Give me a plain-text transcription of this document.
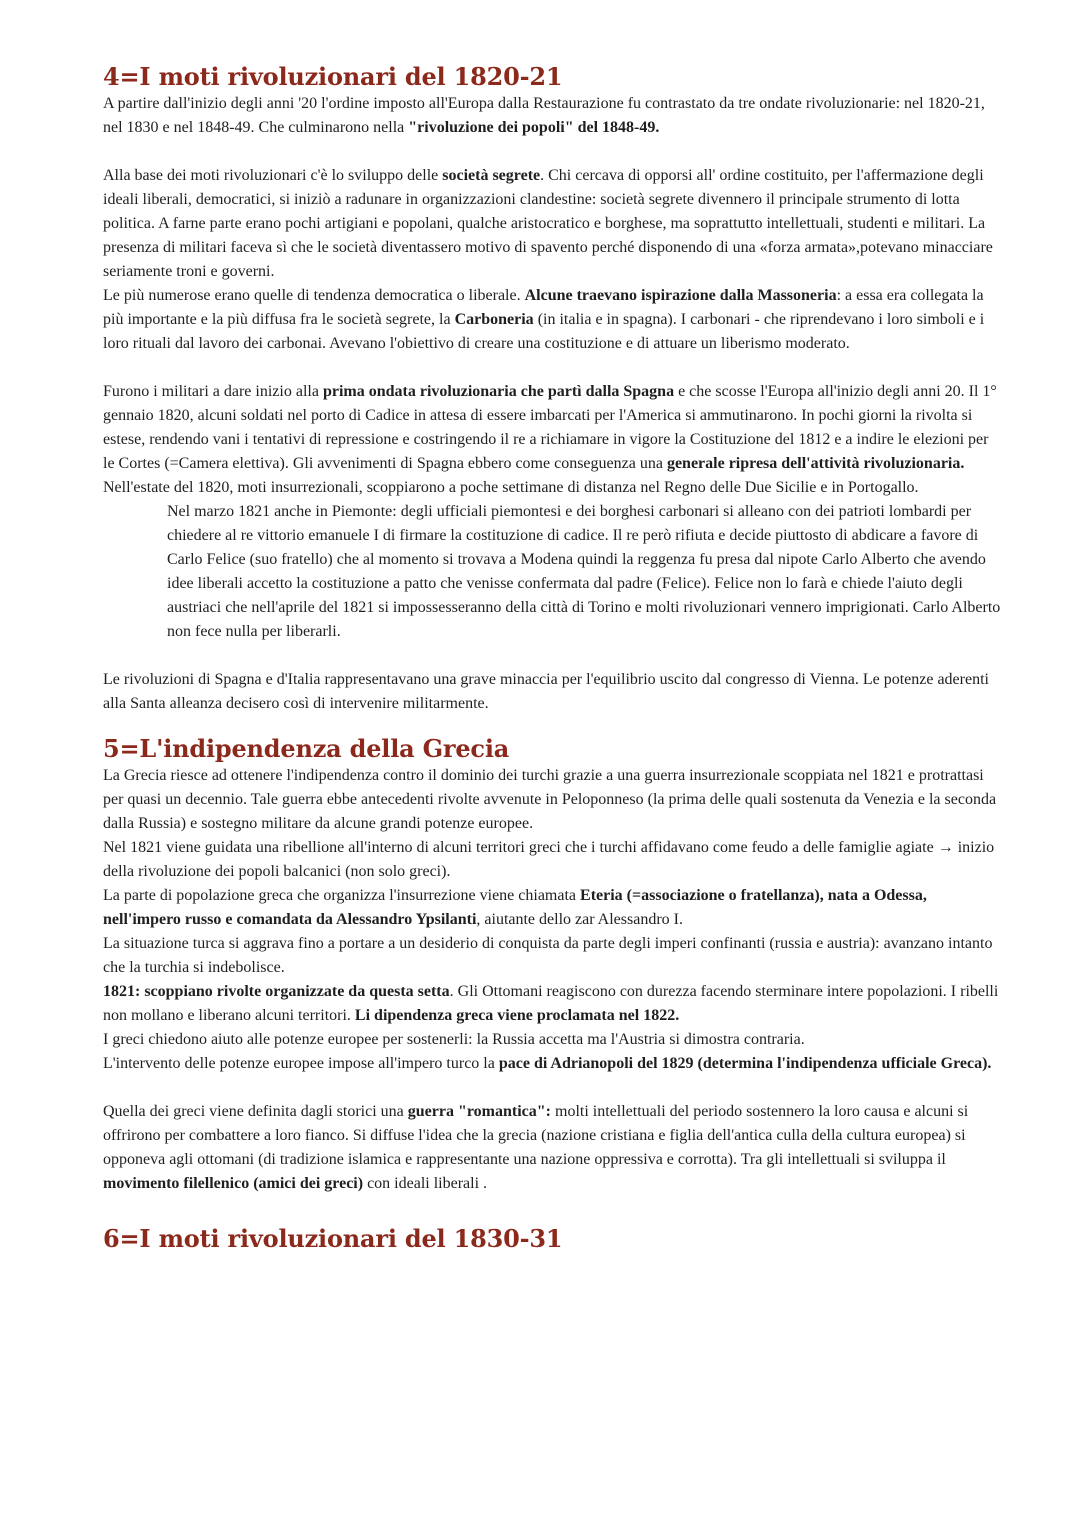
4=I moti rivoluzionari del 1820-21

A partire dall'inizio degli anni '20 l'ordine imposto all'Europa dalla Restaurazione fu contrastato da tre ondate rivoluzionarie: nel 1820-21, nel 1830 e nel 1848-49. Che culminarono nella "rivoluzione dei popoli" del 1848-49.

Alla base dei moti rivoluzionari c'è lo sviluppo delle società segrete. Chi cercava di opporsi all' ordine costituito, per l'affermazione degli ideali liberali, democratici, si iniziò a radunare in organizzazioni clandestine: società segrete divennero il principale strumento di lotta politica. A farne parte erano pochi artigiani e popolani, qualche aristocratico e borghese, ma soprattutto intellettuali, studenti e militari. La presenza di militari faceva sì che le società diventassero motivo di spavento perché disponendo di una «forza armata»,potevano minacciare seriamente troni e governi.

Le più numerose erano quelle di tendenza democratica o liberale. Alcune traevano ispirazione dalla Massoneria: a essa era collegata la più importante e la più diffusa fra le società segrete, la Carboneria (in italia e in spagna). I carbonari - che riprendevano i loro simboli e i loro rituali dal lavoro dei carbonai. Avevano l'obiettivo di creare una costituzione e di attuare un liberismo moderato.

Furono i militari a dare inizio alla prima ondata rivoluzionaria che partì dalla Spagna e che scosse l'Europa all'inizio degli anni 20. Il 1° gennaio 1820, alcuni soldati nel porto di Cadice in attesa di essere imbarcati per l'America si ammutinarono. In pochi giorni la rivolta si estese, rendendo vani i tentativi di repressione e costringendo il re a richiamare in vigore la Costituzione del 1812 e a indire le elezioni per le Cortes (=Camera elettiva). Gli avvenimenti di Spagna ebbero come conseguenza una generale ripresa dell'attività rivoluzionaria.

Nell'estate del 1820, moti insurrezionali, scoppiarono a poche settimane di distanza nel Regno delle Due Sicilie e in Portogallo.

Nel marzo 1821 anche in Piemonte: degli ufficiali piemontesi e dei borghesi carbonari si alleano con dei patrioti lombardi per chiedere al re vittorio emanuele I di firmare la costituzione di cadice. Il re però rifiuta e decide piuttosto di abdicare a favore di Carlo Felice (suo fratello) che al momento si trovava a Modena quindi la reggenza fu presa dal nipote Carlo Alberto che avendo idee liberali accetto la costituzione a patto che venisse confermata dal padre (Felice). Felice non lo farà e chiede l'aiuto degli austriaci che nell'aprile del 1821 si impossesseranno della città di Torino e molti rivoluzionari vennero imprigionati. Carlo Alberto non fece nulla per liberarli.

Le rivoluzioni di Spagna e d'Italia rappresentavano una grave minaccia per l'equilibrio uscito dal congresso di Vienna. Le potenze aderenti alla Santa alleanza decisero così di intervenire militarmente.

5=L'indipendenza della Grecia

La Grecia riesce ad ottenere l'indipendenza contro il dominio dei turchi grazie a una guerra insurrezionale scoppiata nel 1821 e protrattasi per quasi un decennio. Tale guerra ebbe antecedenti rivolte avvenute in Peloponneso (la prima delle quali sostenuta da Venezia e la seconda dalla Russia) e sostegno militare da alcune grandi potenze europee.

Nel 1821 viene guidata una ribellione all'interno di alcuni territori greci che i turchi affidavano come feudo a delle famiglie agiate → inizio della rivoluzione dei popoli balcanici (non solo greci).

La parte di popolazione greca che organizza l'insurrezione viene chiamata Eteria (=associazione o fratellanza), nata a Odessa, nell'impero russo e comandata da Alessandro Ypsilanti, aiutante dello zar Alessandro I.

La situazione turca si aggrava fino a portare a un desiderio di conquista da parte degli imperi confinanti (russia e austria): avanzano intanto che la turchia si indebolisce.

1821: scoppiano rivolte organizzate da questa setta. Gli Ottomani reagiscono con durezza facendo sterminare intere popolazioni. I ribelli non mollano e liberano alcuni territori. Li dipendenza greca viene proclamata nel 1822.

I greci chiedono aiuto alle potenze europee per sostenerli: la Russia accetta ma l'Austria si dimostra contraria.

L'intervento delle potenze europee impose all'impero turco la pace di Adrianopoli del 1829 (determina l'indipendenza ufficiale Greca).

Quella dei greci viene definita dagli storici una guerra "romantica": molti intellettuali del periodo sostennero la loro causa e alcuni si offrirono per combattere a loro fianco. Si diffuse l'idea che la grecia (nazione cristiana e figlia dell'antica culla della cultura europea) si opponeva agli ottomani (di tradizione islamica e rappresentante una nazione oppressiva e corrotta). Tra gli intellettuali si sviluppa il movimento filellenico (amici dei greci) con ideali liberali .

6=I moti rivoluzionari del 1830-31
